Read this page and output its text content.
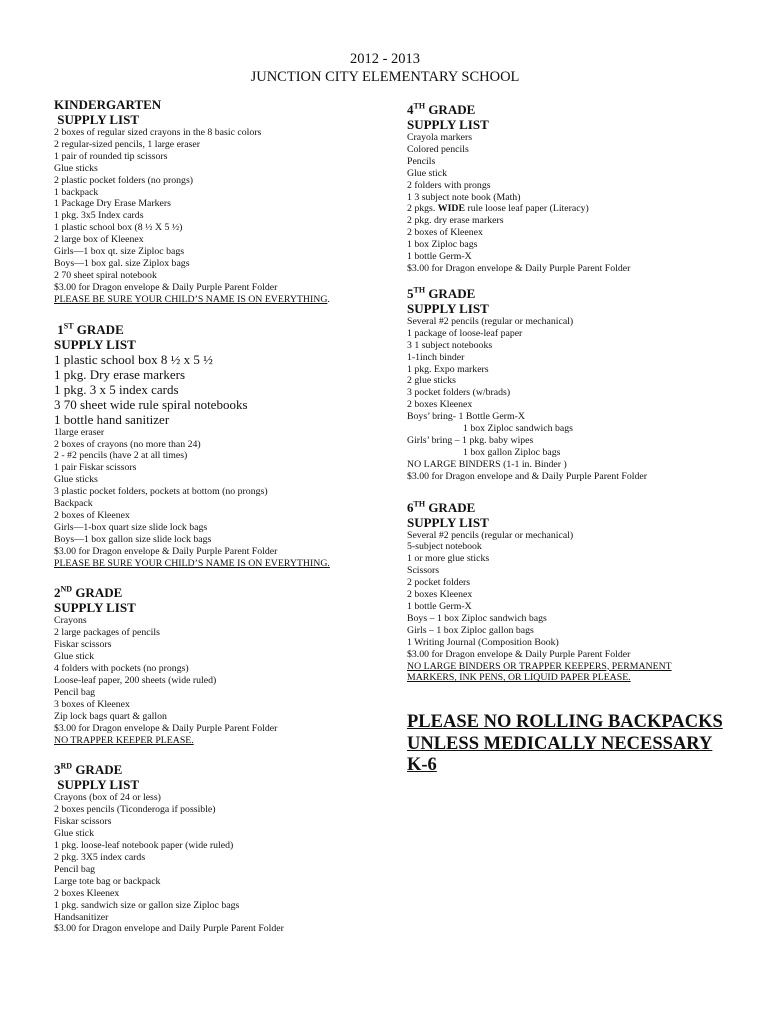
2012 - 2013
JUNCTION CITY ELEMENTARY SCHOOL
KINDERGARTEN
SUPPLY LIST
2 boxes of regular sized crayons in the 8 basic colors
2 regular-sized pencils, 1 large eraser
1 pair of rounded tip scissors
Glue sticks
2 plastic pocket folders (no prongs)
1 backpack
1 Package Dry Erase Markers
1 pkg. 3x5 Index cards
1 plastic school box (8 ½ X 5 ½)
2 large box of Kleenex
Girls—1 box qt. size Ziploc bags
Boys—1 box gal. size Ziplox bags
2 70 sheet spiral notebook
$3.00 for Dragon envelope & Daily Purple Parent Folder
PLEASE BE SURE YOUR CHILD’S NAME IS ON EVERYTHING.
1ST GRADE
SUPPLY LIST
1 plastic school box 8 ½ x 5 ½
1 pkg. Dry erase markers
1 pkg. 3 x 5 index cards
3 70 sheet wide rule spiral notebooks
1 bottle hand sanitizer
1large eraser
2 boxes of crayons (no more than 24)
2 - #2 pencils (have 2 at all times)
1 pair Fiskar scissors
Glue sticks
3 plastic pocket folders, pockets at bottom (no prongs)
Backpack
2 boxes of Kleenex
Girls—1-box quart size slide lock bags
Boys—1 box gallon size slide lock bags
$3.00 for Dragon envelope & Daily Purple Parent Folder
PLEASE BE SURE YOUR CHILD’S NAME IS ON EVERYTHING.
2ND GRADE
SUPPLY LIST
Crayons
2 large packages of pencils
Fiskar scissors
Glue stick
4 folders with pockets (no prongs)
Loose-leaf paper, 200 sheets (wide ruled)
Pencil bag
3 boxes of Kleenex
Zip lock bags quart & gallon
$3.00 for Dragon envelope & Daily Purple Parent Folder
NO TRAPPER KEEPER PLEASE.
3RD GRADE
SUPPLY LIST
Crayons (box of 24 or less)
2 boxes pencils (Ticonderoga if possible)
Fiskar scissors
Glue stick
1 pkg. loose-leaf notebook paper (wide ruled)
2 pkg. 3X5 index cards
Pencil bag
Large tote bag or backpack
2 boxes Kleenex
1 pkg. sandwich size or gallon size Ziploc bags
Handsanitizer
$3.00 for Dragon envelope and Daily Purple Parent Folder
4TH GRADE
SUPPLY LIST
Crayola markers
Colored pencils
Pencils
Glue stick
2 folders with prongs
1 3 subject note book (Math)
2 pkgs. WIDE rule loose leaf paper (Literacy)
2 pkg. dry erase markers
2 boxes of Kleenex
1 box Ziploc bags
1 bottle Germ-X
$3.00 for Dragon envelope & Daily Purple Parent Folder
5TH GRADE
SUPPLY LIST
Several #2 pencils (regular or mechanical)
1 package of loose-leaf paper
3 1 subject notebooks
1-1inch binder
1 pkg. Expo markers
2 glue sticks
3 pocket folders (w/brads)
2 boxes Kleenex
Boys’ bring- 1 Bottle Germ-X
1 box Ziploc sandwich bags
Girls’ bring – 1 pkg. baby wipes
1 box gallon Ziploc bags
NO LARGE BINDERS (1-1 in. Binder )
$3.00 for Dragon envelope and & Daily Purple Parent Folder
6TH GRADE
SUPPLY LIST
Several #2 pencils (regular or mechanical)
5-subject notebook
1 or more glue sticks
Scissors
2 pocket folders
2 boxes Kleenex
1 bottle Germ-X
Boys – 1 box Ziploc sandwich bags
Girls – 1 box Ziploc gallon bags
1 Writing Journal (Composition Book)
$3.00 for Dragon envelope & Daily Purple Parent Folder
NO LARGE BINDERS OR TRAPPER KEEPERS, PERMANENT
MARKERS, INK PENS, OR LIQUID PAPER PLEASE.
PLEASE NO ROLLING BACKPACKS
UNLESS MEDICALLY NECESSARY
K-6
